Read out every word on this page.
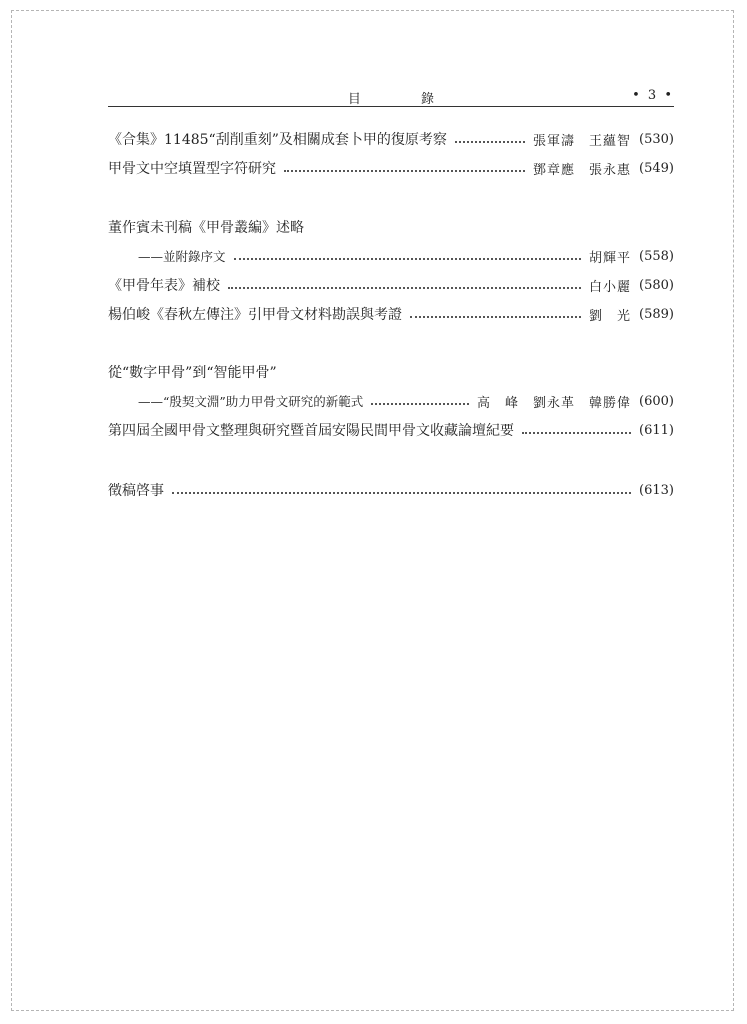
目 錄	• 3 •
《合集》11485“刮削重刻”及相關成套卜甲的復原考察	張軍濤　王蘊智 (530)
甲骨文中空填置型字符研究	鄧章應　張永惠 (549)
董作賓未刊稿《甲骨叢編》述略
——並附錄序文	胡輝平 (558)
《甲骨年表》補校	白小麗 (580)
楊伯峻《春秋左傳注》引甲骨文材料勘誤與考證	劉　光 (589)
從“數字甲骨”到“智能甲骨”
——“殷契文淵”助力甲骨文研究的新範式	高　峰　劉永革　韓勝偉 (600)
第四屆全國甲骨文整理與研究暨首屆安陽民間甲骨文收藏論壇紀要	(611)
徵稿啓事	(613)
